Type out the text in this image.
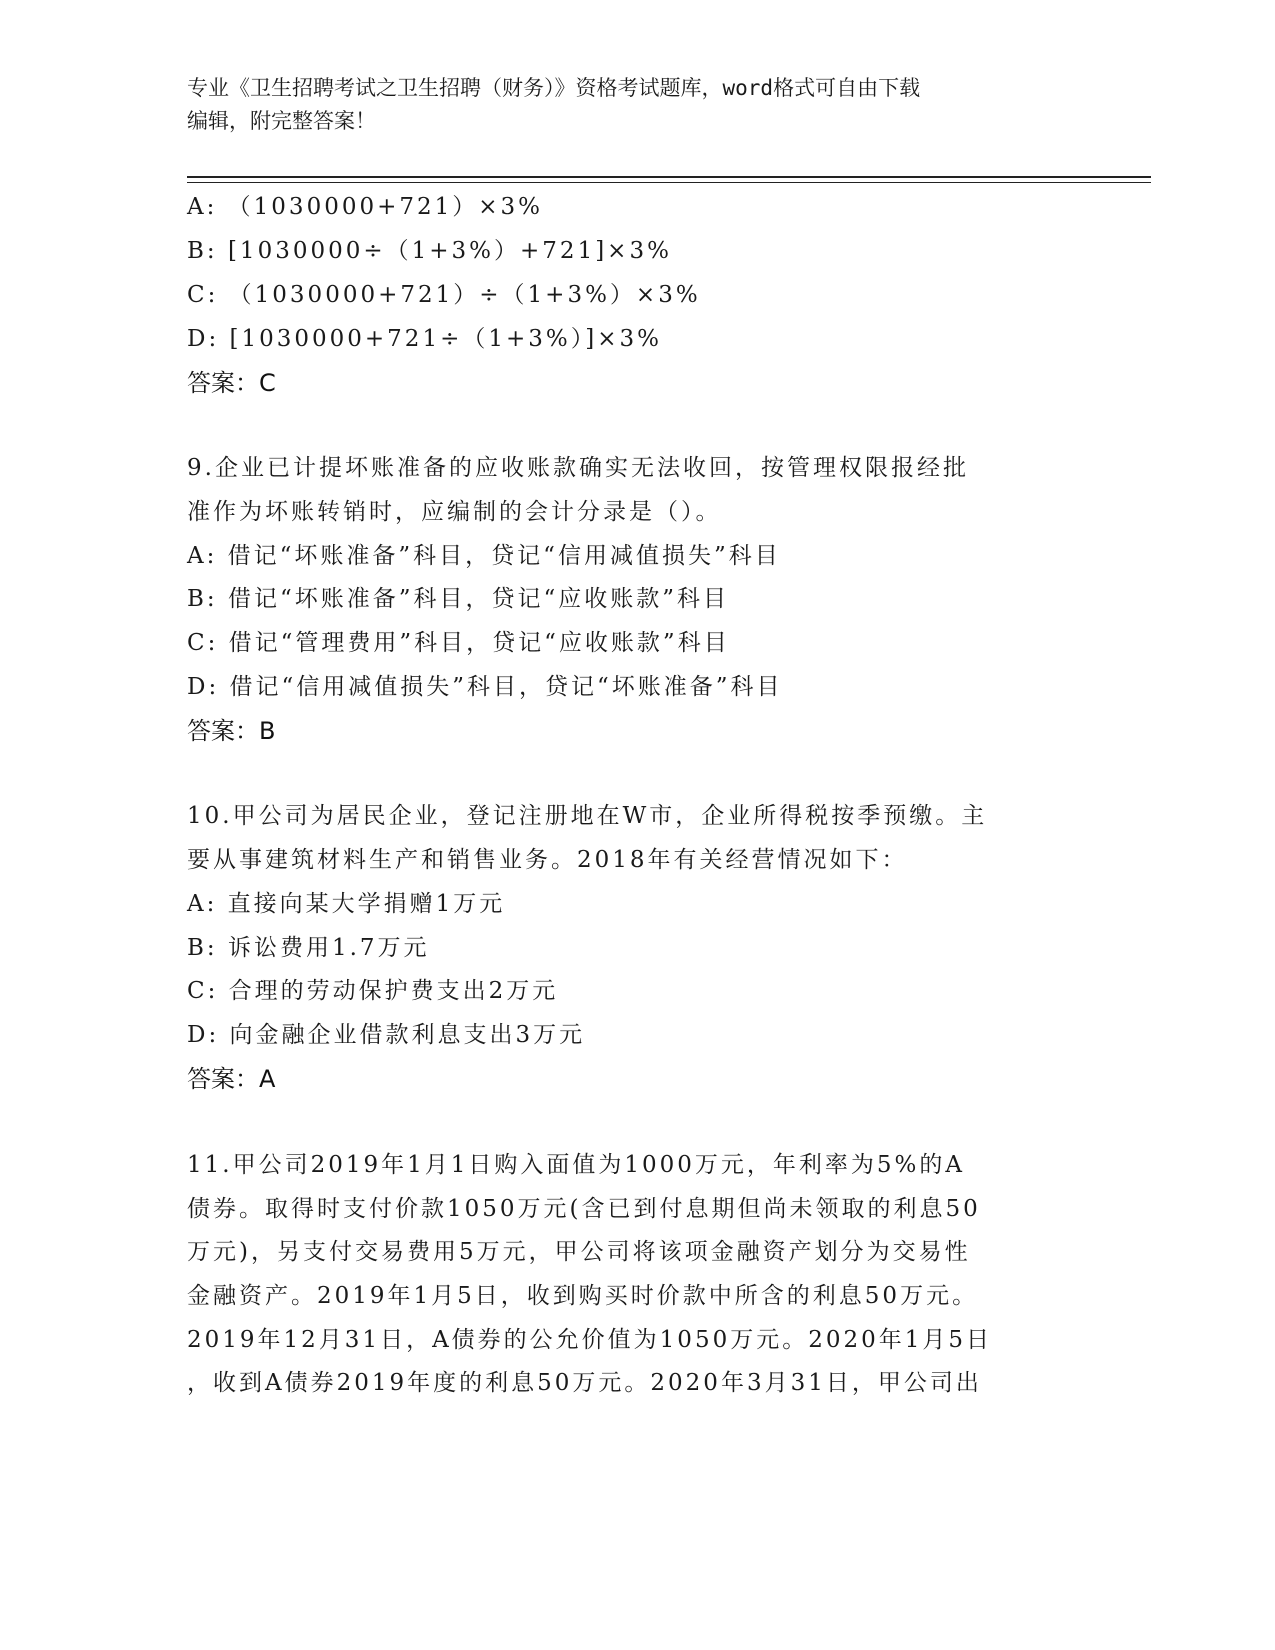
专业《卫生招聘考试之卫生招聘（财务）》资格考试题库，word格式可自由下载
编辑，附完整答案！
A: （1030000+721）×3%
B: [1030000÷（1+3%）+721]×3%
C: （1030000+721）÷（1+3%）×3%
D: [1030000+721÷（1+3%）]×3%
答案：C
9.企业已计提坏账准备的应收账款确实无法收回，按管理权限报经批
准作为坏账转销时，应编制的会计分录是（）。
A: 借记“坏账准备”科目，贷记“信用减值损失”科目
B: 借记“坏账准备”科目，贷记“应收账款”科目
C: 借记“管理费用”科目，贷记“应收账款”科目
D: 借记“信用减值损失”科目，贷记“坏账准备”科目
答案：B
10.甲公司为居民企业，登记注册地在W市，企业所得税按季预缴。主
要从事建筑材料生产和销售业务。2018年有关经营情况如下：
A: 直接向某大学捐赠1万元
B: 诉讼费用1.7万元
C: 合理的劳动保护费支出2万元
D: 向金融企业借款利息支出3万元
答案：A
11.甲公司2019年1月1日购入面值为1000万元，年利率为5%的A
债券。取得时支付价款1050万元(含已到付息期但尚未领取的利息50
万元)，另支付交易费用5万元，甲公司将该项金融资产划分为交易性
金融资产。2019年1月5日，收到购买时价款中所含的利息50万元。
2019年12月31日，A债券的公允价值为1050万元。2020年1月5日
，收到A债券2019年度的利息50万元。2020年3月31日，甲公司出
